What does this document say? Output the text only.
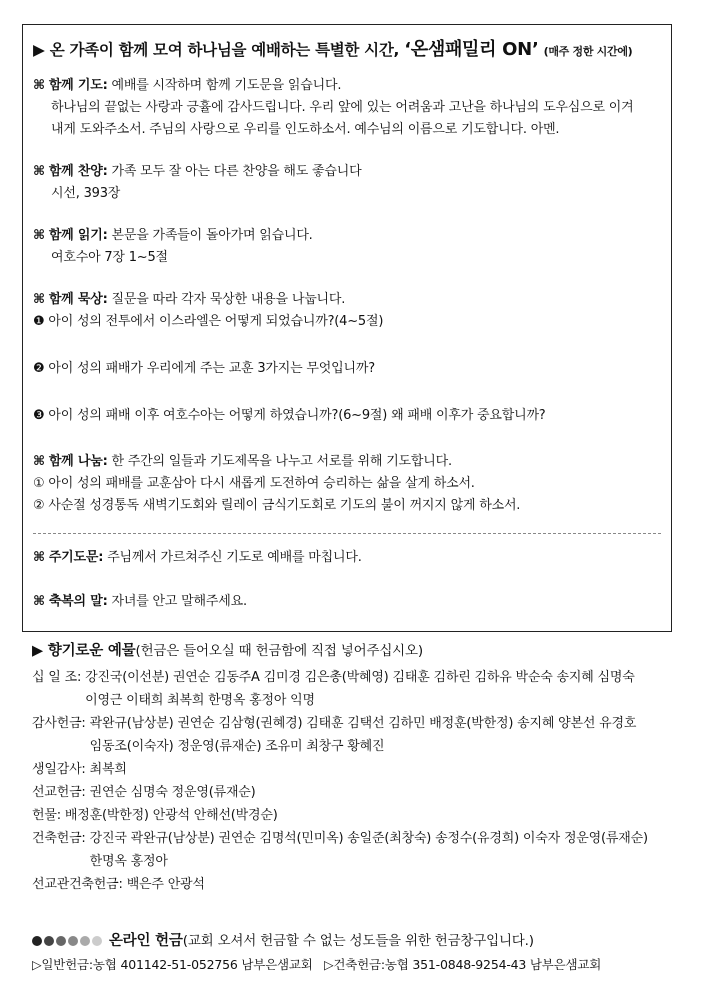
▶ 온 가족이 함께 모여 하나님을 예배하는 특별한 시간, ‘온샘패밀리 ON’ (매주 정한 시간에)
⌘ 함께 기도: 예배를 시작하며 함께 기도문을 읽습니다.
하나님의 끝없는 사랑과 긍휼에 감사드립니다. 우리 앞에 있는 어려움과 고난을 하나님의 도우심으로 이겨
내게 도와주소서. 주님의 사랑으로 우리를 인도하소서. 예수님의 이름으로 기도합니다. 아멘.
⌘ 함께 찬양: 가족 모두 잘 아는 다른 찬양을 해도 좋습니다
시선, 393장
⌘ 함께 읽기: 본문을 가족들이 돌아가며 읽습니다.
여호수아 7장 1~5절
⌘ 함께 묵상: 질문을 따라 각자 묵상한 내용을 나눕니다.
❶ 아이 성의 전투에서 이스라엘은 어떻게 되었습니까?(4~5절)
❷ 아이 성의 패배가 우리에게 주는 교훈 3가지는 무엇입니까?
❸ 아이 성의 패배 이후 여호수아는 어떻게 하였습니까?(6~9절) 왜 패배 이후가 중요합니까?
⌘ 함께 나눔: 한 주간의 일들과 기도제목을 나누고 서로를 위해 기도합니다.
① 아이 성의 패배를 교훈삼아 다시 새롭게 도전하여 승리하는 삶을 살게 하소서.
② 사순절 성경통독 새벽기도회와 릴레이 금식기도회로 기도의 불이 꺼지지 않게 하소서.
⌘ 주기도문: 주님께서 가르쳐주신 기도로 예배를 마칩니다.
⌘ 축복의 말: 자녀를 안고 말해주세요.
▶ 향기로운 예물(헌금은 들어오실 때 헌금함에 직접 넣어주십시오)
십 일 조: 강진국(이선분) 권연순 김동주A 김미경 김은총(박혜영) 김태훈 김하린 김하유 박순숙 송지혜 심명숙
이영근 이태희 최복희 한명옥 홍정아 익명
감사헌금: 곽완규(남상분) 권연순 김삼형(권혜경) 김태훈 김택선 김하민 배정훈(박한정) 송지혜 양본선 유경호
임동조(이숙자) 정운영(류재순) 조유미 최창구 황혜진
생일감사: 최복희
선교헌금: 권연순 심명숙 정운영(류재순)
헌물: 배정훈(박한정) 안광석 안해선(박경순)
건축헌금: 강진국 곽완규(남상분) 권연순 김명석(민미옥) 송일준(최창숙) 송정수(유경희) 이숙자 정운영(류재순)
한명옥 홍정아
선교관건축헌금: 백은주 안광석
온라인 헌금(교회 오셔서 헌금할 수 없는 성도들을 위한 헌금창구입니다.)
▷일반헌금:농협 401142-51-052756 남부은샘교회 ▷건축헌금:농협 351-0848-9254-43 남부은샘교회
